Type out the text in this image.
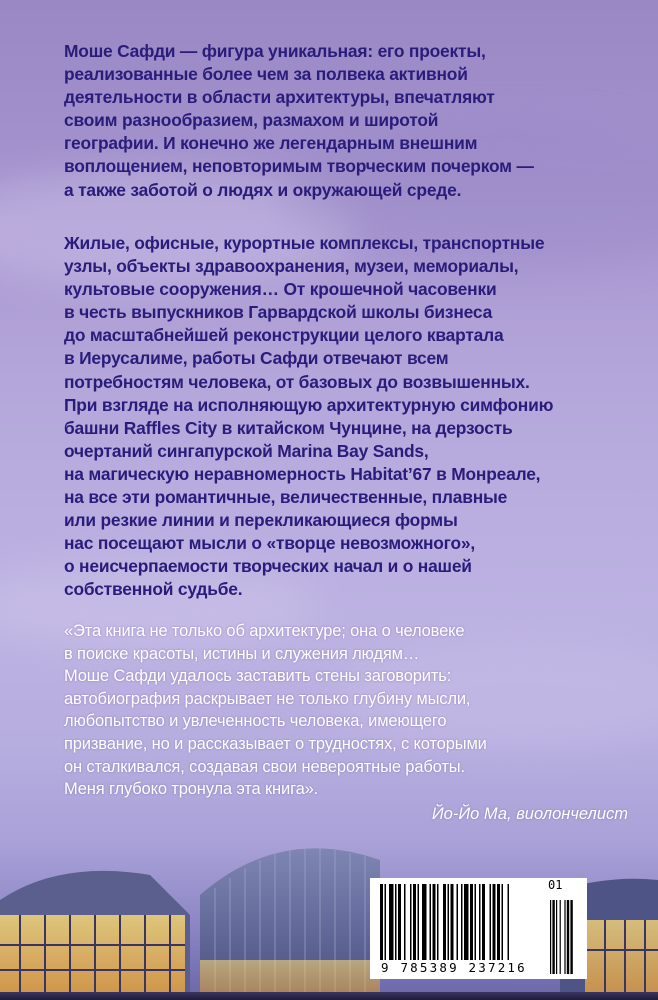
Моше Сафди — фигура уникальная: его проекты,
реализованные более чем за полвека активной
деятельности в области архитектуры, впечатляют
своим разнообразием, размахом и широтой
географии. И конечно же легендарным внешним
воплощением, неповторимым творческим почерком —
а также заботой о людях и окружающей среде.

Жилые, офисные, курортные комплексы, транспортные
узлы, объекты здравоохранения, музеи, мемориалы,
культовые сооружения… От крошечной часовенки
в честь выпускников Гарвардской школы бизнеса
до масштабнейшей реконструкции целого квартала
в Иерусалиме, работы Сафди отвечают всем
потребностям человека, от базовых до возвышенных.
При взгляде на исполняющую архитектурную симфонию
башни Raffles City в китайском Чунцине, на дерзость
очертаний сингапурской Marina Bay Sands,
на магическую неравномерность Habitat’67 в Монреале,
на все эти романтичные, величественные, плавные
или резкие линии и перекликающиеся формы
нас посещают мысли о «творце невозможного»,
о неисчерпаемости творческих начал и о нашей
собственной судьбе.

«Эта книга не только об архитектуре; она о человеке
в поиске красоты, истины и служения людям…
Моше Сафди удалось заставить стены заговорить:
автобиография раскрывает не только глубину мысли,
любопытство и увлеченность человека, имеющего
призвание, но и рассказывает о трудностях, с которыми
он сталкивался, создавая свои невероятные работы.
Меня глубоко тронула эта книга».

Йо-Йо Ма, виолончелист
01
9 785389 237216
